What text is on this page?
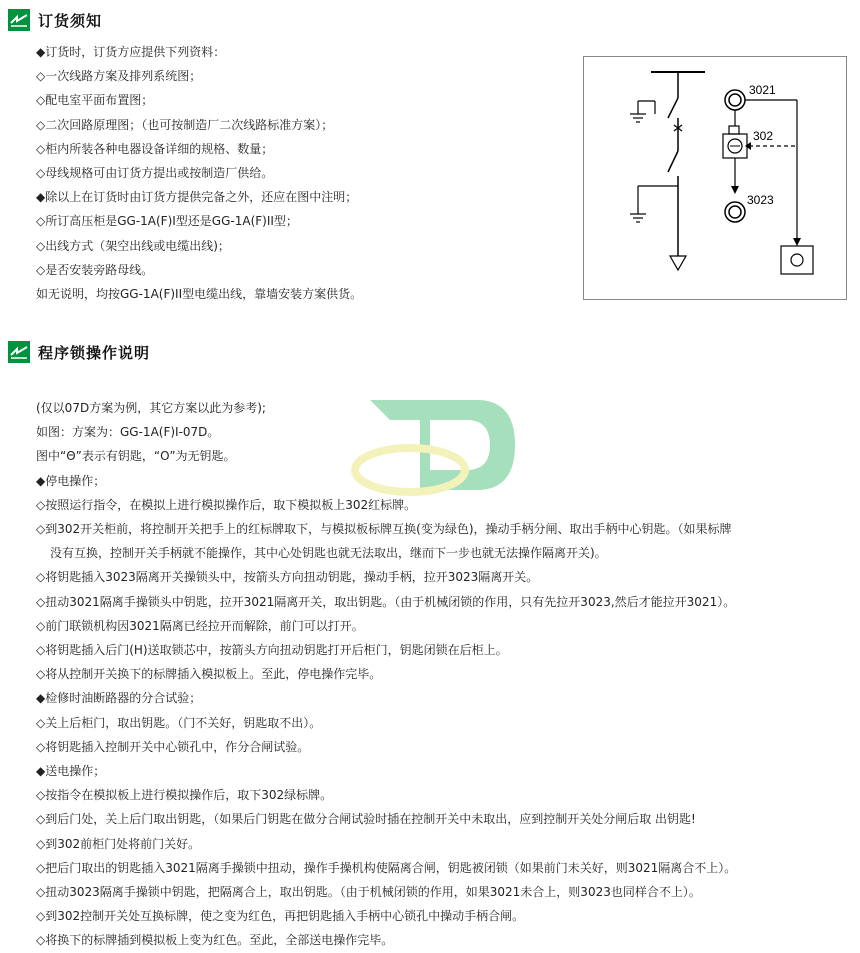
订货须知
◆订货时，订货方应提供下列资料：
◇一次线路方案及排列系统图；
◇配电室平面布置图；
◇二次回路原理图；（也可按制造厂二次线路标准方案）；
◇柜内所装各种电器设备详细的规格、数量；
◇母线规格可由订货方提出或按制造厂供给。
◆除以上在订货时由订货方提供完备之外，还应在图中注明；
◇所订高压柜是GG-1A(F)I型还是GG-1A(F)II型；
◇出线方式（架空出线或电缆出线)；
◇是否安装旁路母线。
如无说明，均按GG-1A(F)II型电缆出线，靠墙安装方案供货。
3021
302
3023
程序锁操作说明
(仅以07D方案为例，其它方案以此为参考);
如图：方案为：GG-1A(F)I-07D。
图中“Θ”表示有钥匙，“O”为无钥匙。
◆停电操作；
◇按照运行指令，在模拟上进行模拟操作后，取下模拟板上302红标牌。
◇到302开关柜前，将控制开关把手上的红标牌取下，与模拟板标牌互换(变为绿色)，操动手柄分闸、取出手柄中心钥匙。（如果标牌
没有互换，控制开关手柄就不能操作，其中心处钥匙也就无法取出，继而下一步也就无法操作隔离开关)。
◇将钥匙插入3023隔离开关操锁头中，按箭头方向扭动钥匙，操动手柄，拉开3023隔离开关。
◇扭动3021隔离手操锁头中钥匙，拉开3021隔离开关，取出钥匙。（由于机械闭锁的作用，只有先拉开3023,然后才能拉开3021）。
◇前门联锁机构因3021隔离已经拉开而解除，前门可以打开。
◇将钥匙插入后门(H)送取锁芯中，按箭头方向扭动钥匙打开后柜门，钥匙闭锁在后柜上。
◇将从控制开关换下的标牌插入模拟板上。至此，停电操作完毕。
◆检修时油断路器的分合试验；
◇关上后柜门，取出钥匙。（门不关好，钥匙取不出）。
◇将钥匙插入控制开关中心锁孔中，作分合闸试验。
◆送电操作；
◇按指令在模拟板上进行模拟操作后，取下302绿标牌。
◇到后门处，关上后门取出钥匙，（如果后门钥匙在做分合闸试验时插在控制开关中未取出，应到控制开关处分闸后取 出钥匙!
◇到302前柜门处将前门关好。
◇把后门取出的钥匙插入3021隔离手操锁中扭动，操作手操机构使隔离合闸，钥匙被闭锁（如果前门未关好，则3021隔离合不上）。
◇扭动3023隔离手操锁中钥匙，把隔离合上，取出钥匙。（由于机械闭锁的作用，如果3021未合上，则3023也同样合不上）。
◇到302控制开关处互换标牌，使之变为红色，再把钥匙插入手柄中心锁孔中操动手柄合闸。
◇将换下的标牌插到模拟板上变为红色。至此，全部送电操作完毕。
